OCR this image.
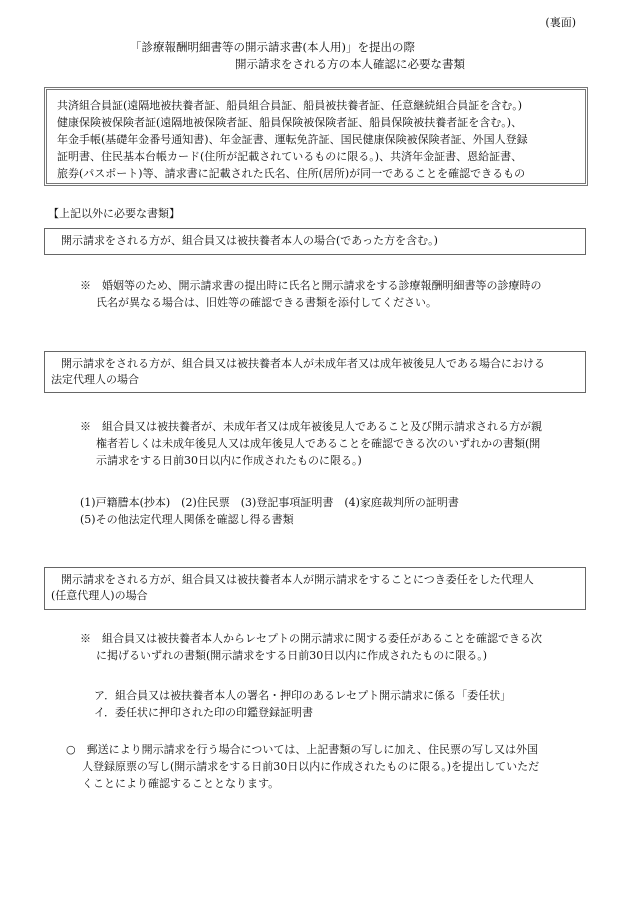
(裏面)
「診療報酬明細書等の開示請求書(本人用)」を提出の際
開示請求をされる方の本人確認に必要な書類
共済組合員証(遠隔地被扶養者証、船員組合員証、船員被扶養者証、任意継続組合員証を含む。)
健康保険被保険者証(遠隔地被保険者証、船員保険被保険者証、船員保険被扶養者証を含む。)、
年金手帳(基礎年金番号通知書)、年金証書、運転免許証、国民健康保険被保険者証、外国人登録
証明書、住民基本台帳カード(住所が記載されているものに限る。)、共済年金証書、恩給証書、
旅券(パスポート)等、請求書に記載された氏名、住所(居所)が同一であることを確認できるもの
【上記以外に必要な書類】
開示請求をされる方が、組合員又は被扶養者本人の場合(であった方を含む。)
※　婚姻等のため、開示請求書の提出時に氏名と開示請求をする診療報酬明細書等の診療時の
氏名が異なる場合は、旧姓等の確認できる書類を添付してください。
開示請求をされる方が、組合員又は被扶養者本人が未成年者又は成年被後見人である場合における
法定代理人の場合
※　組合員又は被扶養者が、未成年者又は成年被後見人であること及び開示請求される方が親
権者若しくは未成年後見人又は成年後見人であることを確認できる次のいずれかの書類(開
示請求をする日前30日以内に作成されたものに限る。)
(1)戸籍謄本(抄本)　(2)住民票　(3)登記事項証明書　(4)家庭裁判所の証明書
(5)その他法定代理人関係を確認し得る書類
開示請求をされる方が、組合員又は被扶養者本人が開示請求をすることにつき委任をした代理人
(任意代理人)の場合
※　組合員又は被扶養者本人からレセプトの開示請求に関する委任があることを確認できる次
に掲げるいずれの書類(開示請求をする日前30日以内に作成されたものに限る。)
ア．組合員又は被扶養者本人の署名・押印のあるレセプト開示請求に係る「委任状」
イ．委任状に押印された印の印鑑登録証明書
○　郵送により開示請求を行う場合については、上記書類の写しに加え、住民票の写し又は外国
人登録原票の写し(開示請求をする日前30日以内に作成されたものに限る。)を提出していただ
くことにより確認することとなります。
